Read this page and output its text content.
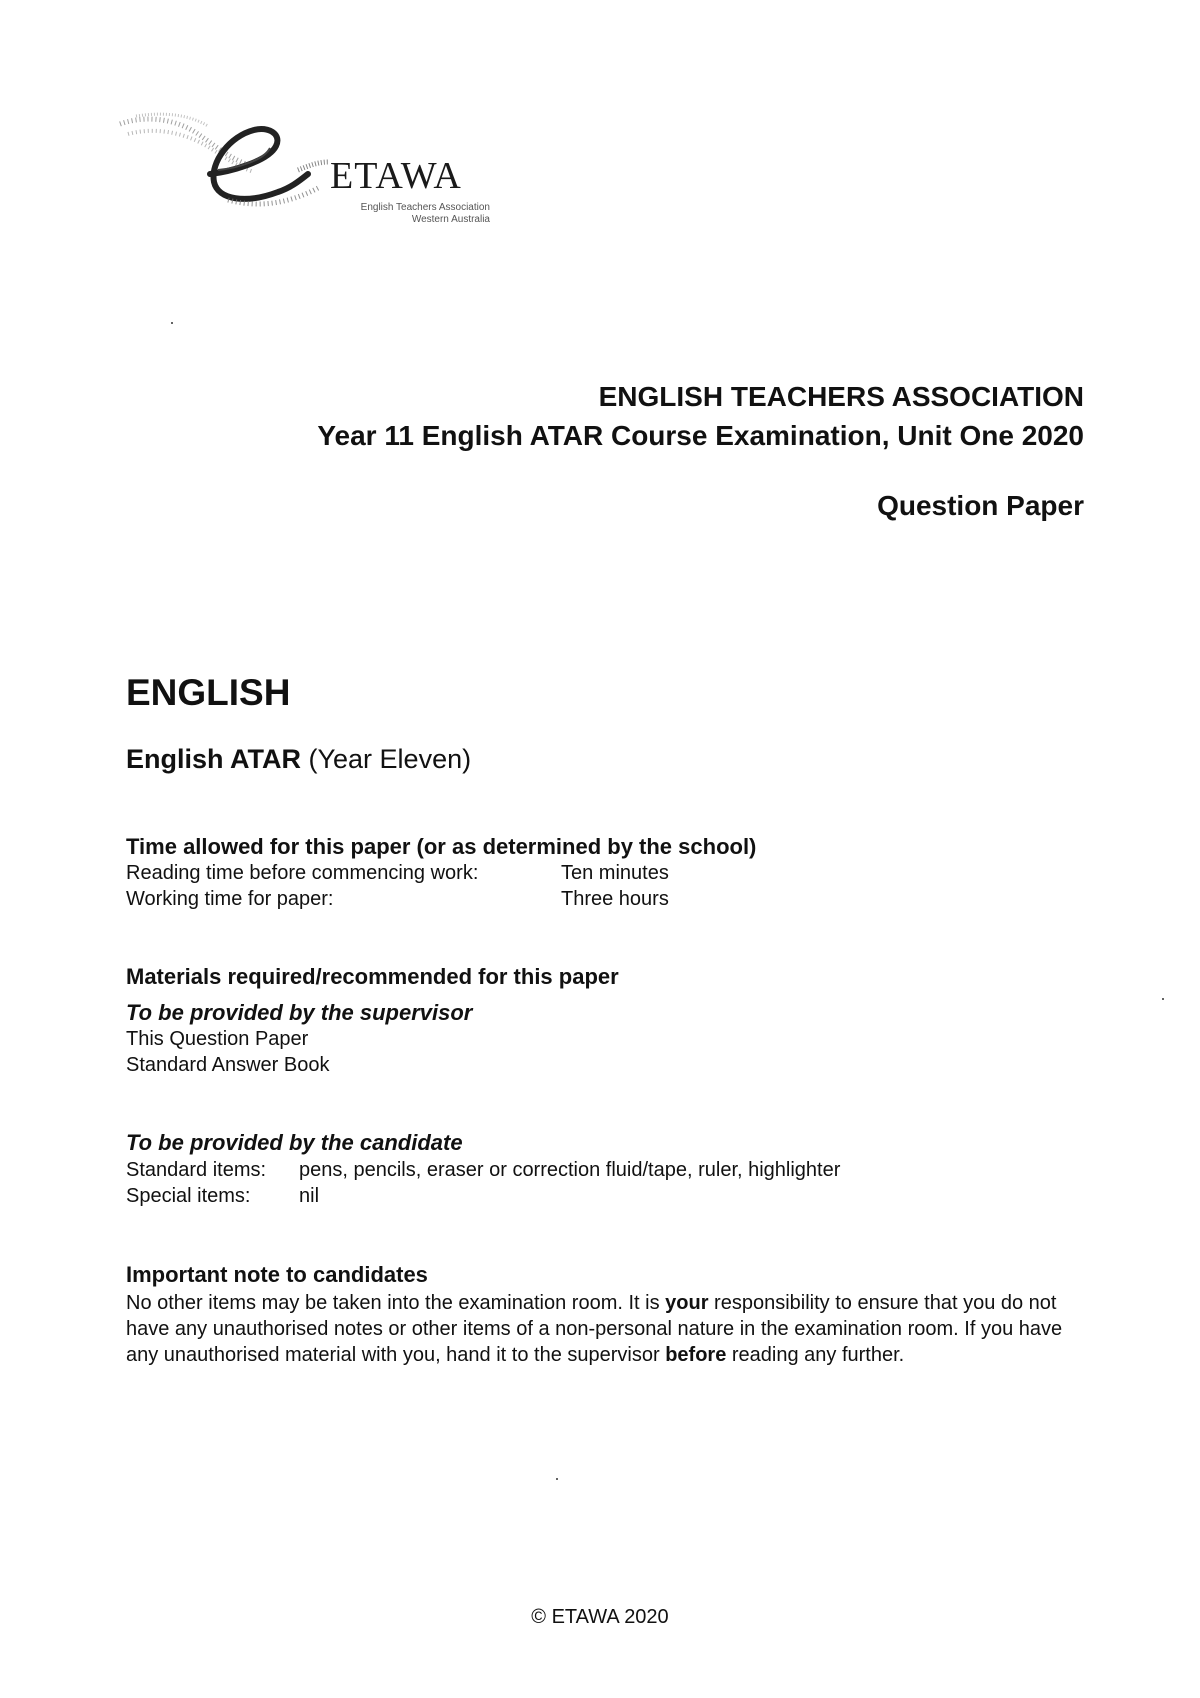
ETAWA
English Teachers Association
Western Australia
ENGLISH TEACHERS ASSOCIATION
Year 11 English ATAR Course Examination, Unit One 2020
Question Paper
ENGLISH
English ATAR (Year Eleven)
Time allowed for this paper (or as determined by the school)
Reading time before commencing work:	Ten minutes
Working time for paper:	Three hours
Materials required/recommended for this paper
To be provided by the supervisor
This Question Paper
Standard Answer Book
To be provided by the candidate
Standard items: pens, pencils, eraser or correction fluid/tape, ruler, highlighter
Special items: nil
Important note to candidates
No other items may be taken into the examination room. It is your responsibility to ensure that you do not have any unauthorised notes or other items of a non-personal nature in the examination room. If you have any unauthorised material with you, hand it to the supervisor before reading any further.
© ETAWA 2020
